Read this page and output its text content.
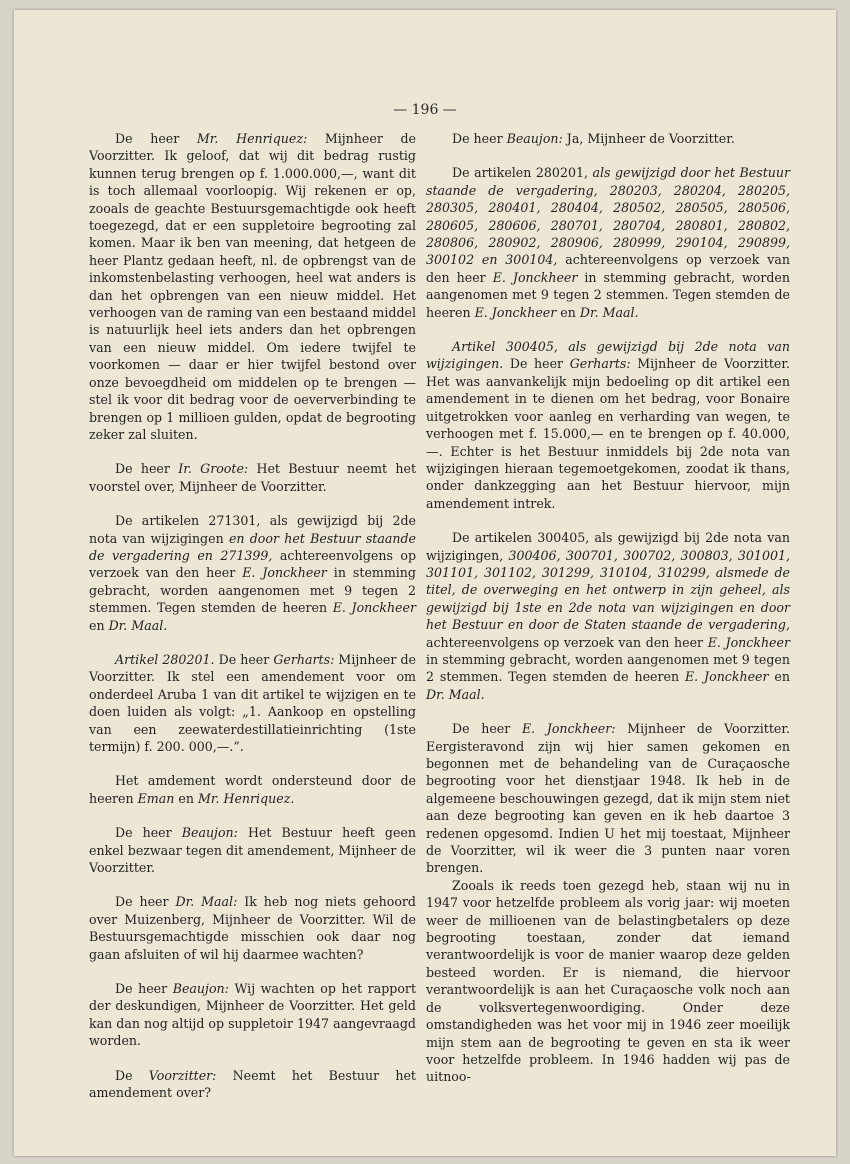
— 196 —

De heer Mr. Henriquez: Mijnheer de Voorzitter. Ik geloof, dat wij dit bedrag rustig kunnen terug brengen op f. 1.000.000,—, want dit is toch allemaal voorloopig. Wij rekenen er op, zooals de geachte Bestuursgemachtigde ook heeft toegezegd, dat er een suppletoire begrooting zal komen. Maar ik ben van meening, dat hetgeen de heer Plantz gedaan heeft, nl. de opbrengst van de inkomstenbelasting verhoogen, heel wat anders is dan het opbrengen van een nieuw middel. Het verhoogen van de raming van een bestaand middel is natuurlijk heel iets anders dan het opbrengen van een nieuw middel. Om iedere twijfel te voorkomen — daar er hier twijfel bestond over onze bevoegdheid om middelen op te brengen — stel ik voor dit bedrag voor de oeververbinding te brengen op 1 millioen gulden, opdat de begrooting zeker zal sluiten.

De heer Ir. Groote: Het Bestuur neemt het voorstel over, Mijnheer de Voorzitter.

De artikelen 271301, als gewijzigd bij 2de nota van wijzigingen en door het Bestuur staande de vergadering en 271399, achtereenvolgens op verzoek van den heer E. Jonckheer in stemming gebracht, worden aangenomen met 9 tegen 2 stemmen. Tegen stemden de heeren E. Jonckheer en Dr. Maal.

Artikel 280201. De heer Gerharts: Mijnheer de Voorzitter. Ik stel een amendement voor om onderdeel Aruba 1 van dit artikel te wijzigen en te doen luiden als volgt: „1. Aankoop en opstelling van een zeewaterdestillatieinrichting (1ste termijn) f. 200. 000,—.”.

Het amdement wordt ondersteund door de heeren Eman en Mr. Henriquez.

De heer Beaujon: Het Bestuur heeft geen enkel bezwaar tegen dit amendement, Mijnheer de Voorzitter.

De heer Dr. Maal: Ik heb nog niets gehoord over Muizenberg, Mijnheer de Voorzitter. Wil de Bestuursgemachtigde misschien ook daar nog gaan afsluiten of wil hij daarmee wachten?

De heer Beaujon: Wij wachten op het rapport der deskundigen, Mijnheer de Voorzitter. Het geld kan dan nog altijd op suppletoir 1947 aangevraagd worden.

De Voorzitter: Neemt het Bestuur het amendement over?

De heer Beaujon: Ja, Mijnheer de Voorzitter.

De artikelen 280201, als gewijzigd door het Bestuur staande de vergadering, 280203, 280204, 280205, 280305, 280401, 280404, 280502, 280505, 280506, 280605, 280606, 280701, 280704, 280801, 280802, 280806, 280902, 280906, 280999, 290104, 290899, 300102 en 300104, achtereenvolgens op verzoek van den heer E. Jonckheer in stemming gebracht, worden aangenomen met 9 tegen 2 stemmen. Tegen stemden de heeren E. Jonckheer en Dr. Maal.

Artikel 300405, als gewijzigd bij 2de nota van wijzigingen. De heer Gerharts: Mijnheer de Voorzitter. Het was aanvankelijk mijn bedoeling op dit artikel een amendement in te dienen om het bedrag, voor Bonaire uitgetrokken voor aanleg en verharding van wegen, te verhoogen met f. 15.000,— en te brengen op f. 40.000,—. Echter is het Bestuur inmiddels bij 2de nota van wijzigingen hieraan tegemoetgekomen, zoodat ik thans, onder dankzegging aan het Bestuur hiervoor, mijn amendement intrek.

De artikelen 300405, als gewijzigd bij 2de nota van wijzigingen, 300406, 300701, 300702, 300803, 301001, 301101, 301102, 301299, 310104, 310299, alsmede de titel, de overweging en het ontwerp in zijn geheel, als gewijzigd bij 1ste en 2de nota van wijzigingen en door het Bestuur en door de Staten staande de vergadering, achtereenvolgens op verzoek van den heer E. Jonckheer in stemming gebracht, worden aangenomen met 9 tegen 2 stemmen. Tegen stemden de heeren E. Jonckheer en Dr. Maal.

De heer E. Jonckheer: Mijnheer de Voorzitter. Eergisteravond zijn wij hier samen gekomen en begonnen met de behandeling van de Curaçaosche begrooting voor het dienstjaar 1948. Ik heb in de algemeene beschouwingen gezegd, dat ik mijn stem niet aan deze begrooting kan geven en ik heb daartoe 3 redenen opgesomd. Indien U het mij toestaat, Mijnheer de Voorzitter, wil ik weer die 3 punten naar voren brengen.

Zooals ik reeds toen gezegd heb, staan wij nu in 1947 voor hetzelfde probleem als vorig jaar: wij moeten weer de millioenen van de belastingbetalers op deze begrooting toestaan, zonder dat iemand verantwoordelijk is voor de manier waarop deze gelden besteed worden. Er is niemand, die hiervoor verantwoordelijk is aan het Curaçaosche volk noch aan de volksvertegenwoordiging. Onder deze omstandigheden was het voor mij in 1946 zeer moeilijk mijn stem aan de begrooting te geven en sta ik weer voor hetzelfde probleem. In 1946 hadden wij pas de uitnoo-
